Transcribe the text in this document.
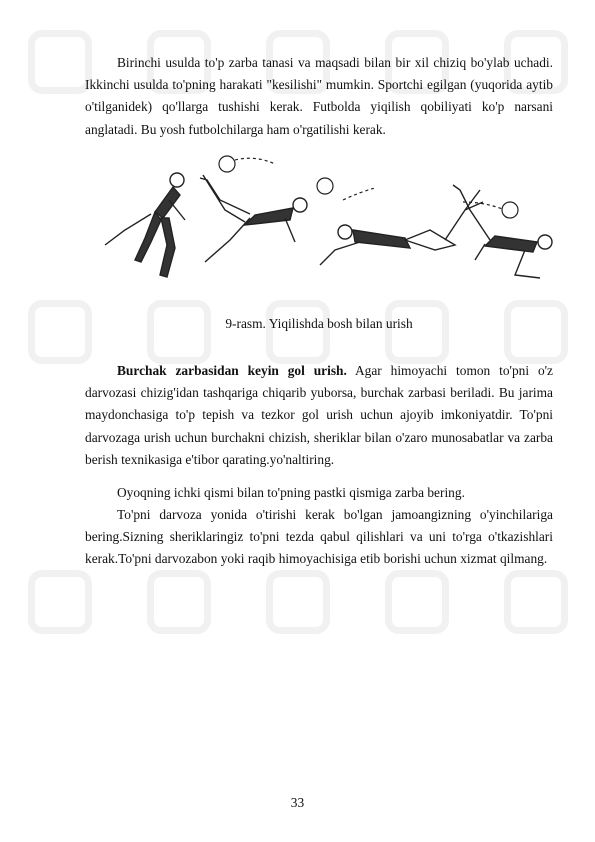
Birinchi usulda to'p zarba tanasi va maqsadi bilan bir xil chiziq bo'ylab uchadi. Ikkinchi usulda to'pning harakati "kesilishi" mumkin. Sportchi egilgan (yuqorida aytib o'tilganidek) qo'llarga tushishi kerak. Futbolda yiqilish qobiliyati ko'p narsani anglatadi. Bu yosh futbolchilarga ham o'rgatilishi kerak.
9-rasm. Yiqilishda bosh bilan urish
Burchak zarbasidan keyin gol urish. Agar himoyachi tomon to'pni o'z darvozasi chizig'idan tashqariga chiqarib yuborsa, burchak zarbasi beriladi. Bu jarima maydonchasiga to'p tepish va tezkor gol urish uchun ajoyib imkoniyatdir. To'pni darvozaga urish uchun burchakni chizish, sheriklar bilan o'zaro munosabatlar va zarba berish texnikasiga e'tibor qarating.yo'naltiring.
Oyoqning ichki qismi bilan to'pning pastki qismiga zarba bering.
To'pni darvoza yonida o'tirishi kerak bo'lgan jamoangizning o'yinchilariga bering.Sizning sheriklaringiz to'pni tezda qabul qilishlari va uni to'rga o'tkazishlari kerak.To'pni darvozabon yoki raqib himoyachisiga etib borishi uchun xizmat qilmang.
33
